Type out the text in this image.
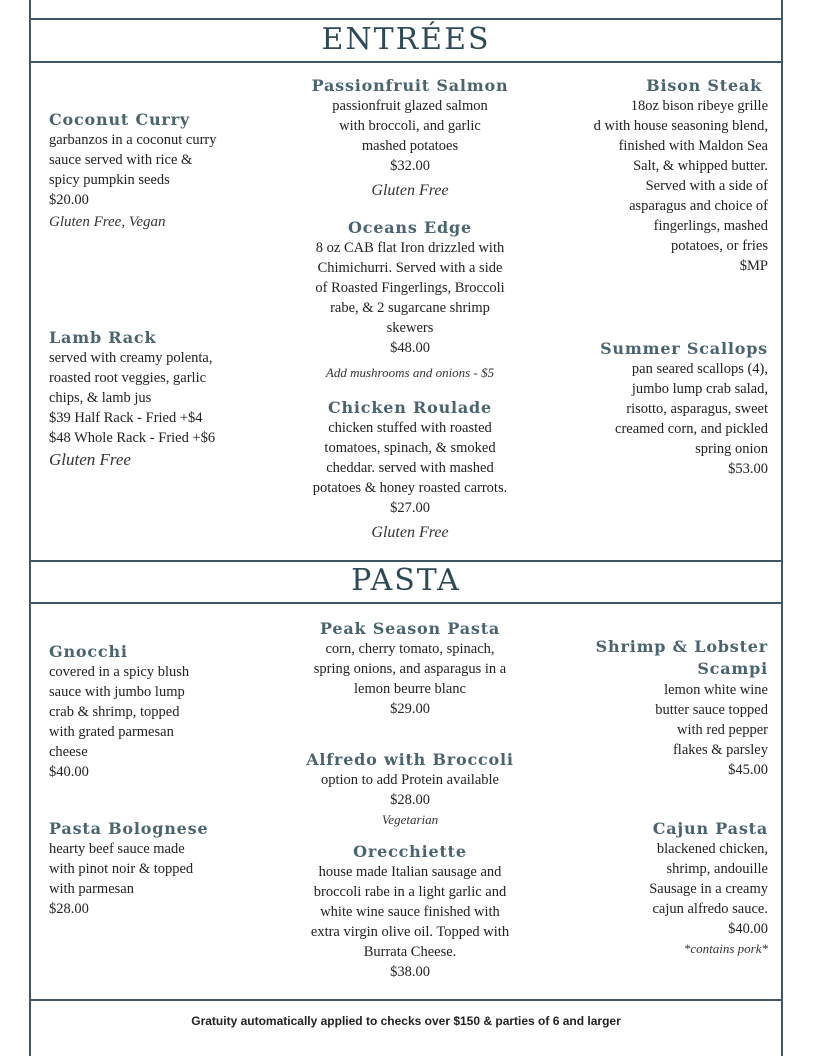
ENTRÉES
Coconut Curry
garbanzos in a coconut curry
sauce served with rice &
spicy pumpkin seeds
$20.00
Gluten Free, Vegan
Lamb Rack
served with creamy polenta,
roasted root veggies, garlic
chips, & lamb jus
$39 Half Rack - Fried +$4
$48 Whole Rack - Fried +$6
Gluten Free
Passionfruit Salmon
passionfruit glazed salmon
with broccoli, and garlic
mashed potatoes
$32.00
Gluten Free
Oceans Edge
8 oz CAB flat Iron drizzled with
Chimichurri. Served with a side
of Roasted Fingerlings, Broccoli
rabe, & 2 sugarcane shrimp
skewers
$48.00
Add mushrooms and onions - $5
Chicken Roulade
chicken stuffed with roasted
tomatoes, spinach, & smoked
cheddar. served with mashed
potatoes & honey roasted carrots.
$27.00
Gluten Free
Bison Steak
18oz bison ribeye grille
d with house seasoning blend,
finished with Maldon Sea
Salt, & whipped butter.
Served with a side of
asparagus and choice of
fingerlings, mashed
potatoes, or fries
$MP
Summer Scallops
pan seared scallops (4),
jumbo lump crab salad,
risotto, asparagus, sweet
creamed corn, and pickled
spring onion
$53.00
PASTA
Gnocchi
covered in a spicy blush
sauce with jumbo lump
crab & shrimp, topped
with grated parmesan
cheese
$40.00
Pasta Bolognese
hearty beef sauce made
with pinot noir & topped
with parmesan
$28.00
Peak Season Pasta
corn, cherry tomato, spinach,
spring onions, and asparagus in a
lemon beurre blanc
$29.00
Alfredo with Broccoli
option to add Protein available
$28.00
Vegetarian
Orecchiette
house made Italian sausage and
broccoli rabe in a light garlic and
white wine sauce finished with
extra virgin olive oil. Topped with
Burrata Cheese.
$38.00
Shrimp & Lobster
Scampi
lemon white wine
butter sauce topped
with red pepper
flakes & parsley
$45.00
Cajun Pasta
blackened chicken,
shrimp, andouille
Sausage in a creamy
cajun alfredo sauce.
$40.00
*contains pork*
Gratuity automatically applied to checks over $150 & parties of 6 and larger
